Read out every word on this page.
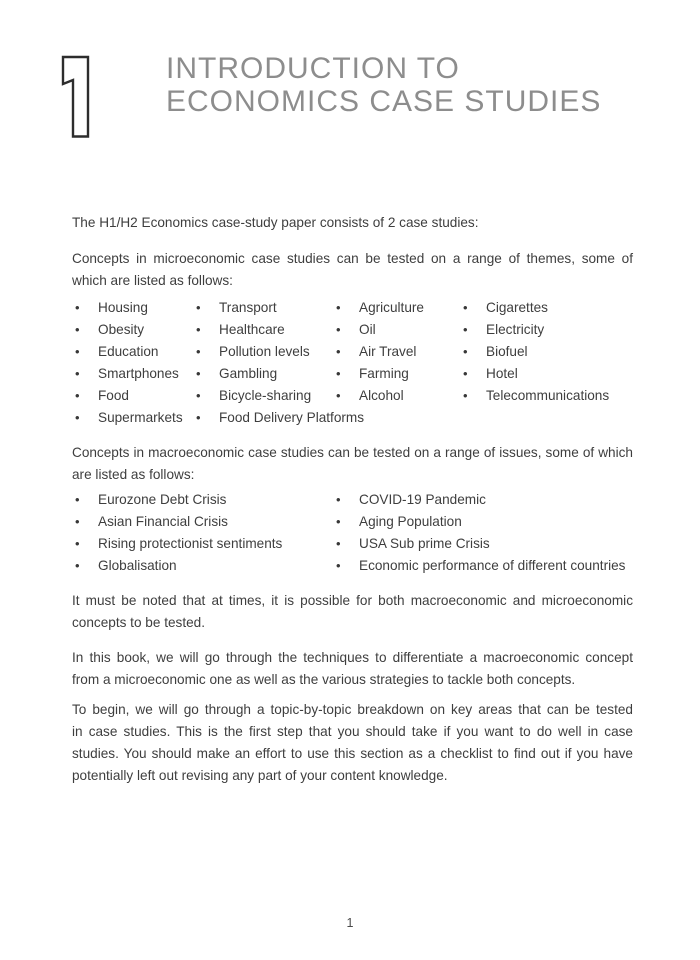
INTRODUCTION TO
ECONOMICS CASE STUDIES

The H1/H2 Economics case-study paper consists of 2 case studies:

Concepts in microeconomic case studies can be tested on a range of themes, some of
which are listed as follows:

•
Housing •	Transport •	Agriculture •	Cigarettes
•
Obesity •	Healthcare •	Oil •	Electricity
•
Education •	Pollution levels •	Air Travel •	Biofuel
•
Smartphones •	Gambling •	Farming •	Hotel
•
Food •	Bicycle-sharing •	Alcohol •	Telecommunications
•
Supermarkets •	Food Delivery Platforms

Concepts in macroeconomic case studies can be tested on a range of issues, some of which
are listed as follows:

•
Eurozone Debt Crisis •	COVID-19 Pandemic
•
Asian Financial Crisis •	Aging Population
•
Rising protectionist sentiments •	USA Sub prime Crisis
•
Globalisation •	Economic performance of different countries

It must be noted that at times, it is possible for both macroeconomic and microeconomic
concepts to be tested.

In this book, we will go through the techniques to differentiate a macroeconomic concept
from a microeconomic one as well as the various strategies to tackle both concepts.

To begin, we will go through a topic-by-topic breakdown on key areas that can be tested
in case studies. This is the first step that you should take if you want to do well in case
studies. You should make an effort to use this section as a checklist to find out if you have
potentially left out revising any part of your content knowledge.

1
